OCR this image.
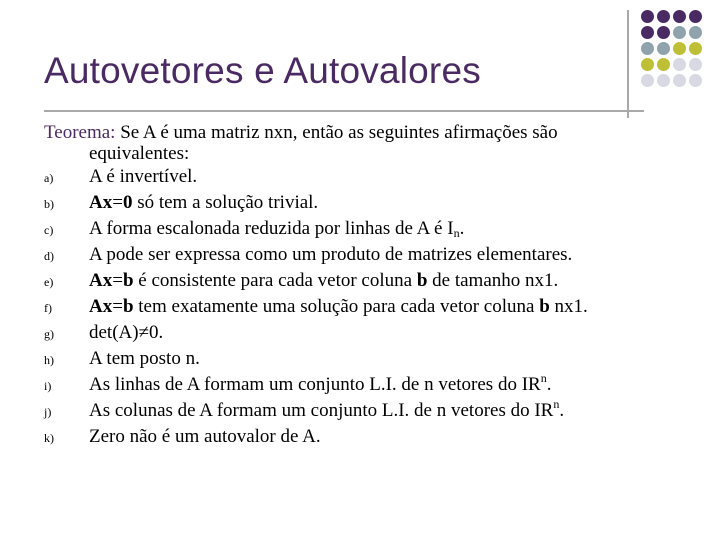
Autovetores e Autovalores
Teorema: Se A é uma matriz nxn, então as seguintes afirmações são
equivalentes:
a)	A é invertível.
b)	Ax=0 só tem a solução trivial.
c)	A forma escalonada reduzida por linhas de A é $I_n$.
d)	A pode ser expressa como um produto de matrizes elementares.
e)	Ax=b é consistente para cada vetor coluna b de tamanho nx1.
f)	Ax=b tem exatamente uma solução para cada vetor coluna b nx1.
g)	det(A)≠0.
h)	A tem posto n.
i)	As linhas de A formam um conjunto L.I. de n vetores do $IR^n$.
j)	As colunas de A formam um conjunto L.I. de n vetores do $IR^n$.
k)	Zero não é um autovalor de A.
